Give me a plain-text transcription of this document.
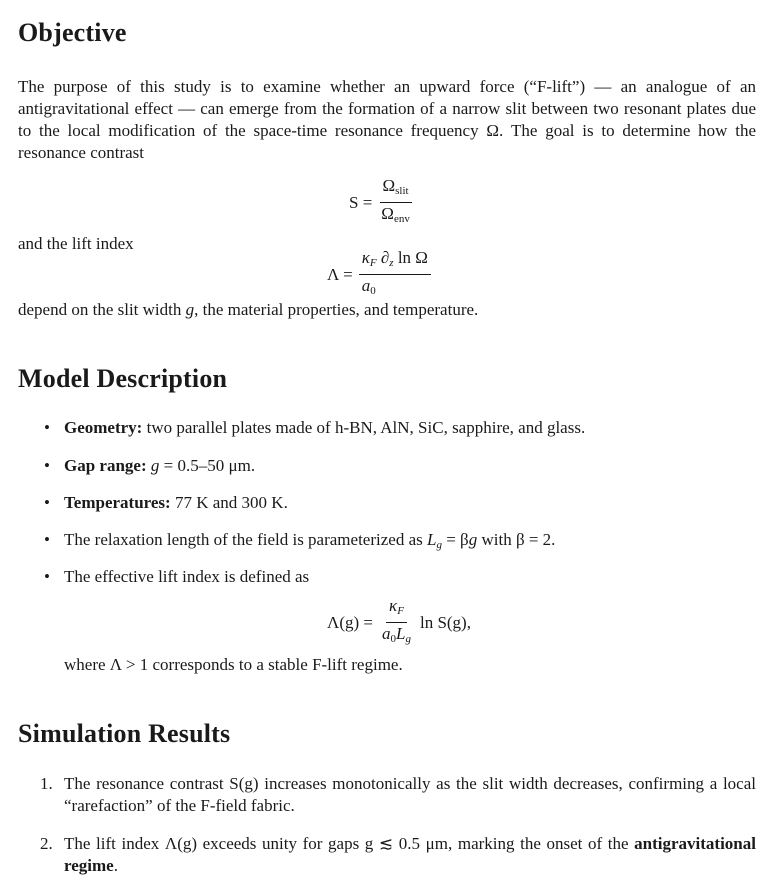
Objective

The purpose of this study is to examine whether an upward force (“F-lift”) — an analogue of an antigravitational effect — can emerge from the formation of a narrow slit between two resonant plates due to the local modification of the space-time resonance frequency Ω. The goal is to determine how the resonance contrast

$S = \frac{\Omega_{slit}}{\Omega_{env}}$

and the lift index

$\Lambda = \frac{\kappa_F \partial_z \ln \Omega}{a_0}$

depend on the slit width g, the material properties, and temperature.

Model Description
• Geometry: two parallel plates made of h-BN, AlN, SiC, sapphire, and glass.
• Gap range: g = 0.5–50 μm.
• Temperatures: 77 K and 300 K.
• The relaxation length of the field is parameterized as $L_g = \beta g$ with β = 2.
• The effective lift index is defined as
$\Lambda(g) = \frac{\kappa_F}{a_0L_g}$ ln S(g),

where Λ > 1 corresponds to a stable F-lift regime.

Simulation Results
1. The resonance contrast S(g) increases monotonically as the slit width decreases, confirming a local “rarefaction” of the F-field fabric.
2. The lift index Λ(g) exceeds unity for gaps g ≲ 0.5 μm, marking the onset of the antigravitational regime.
